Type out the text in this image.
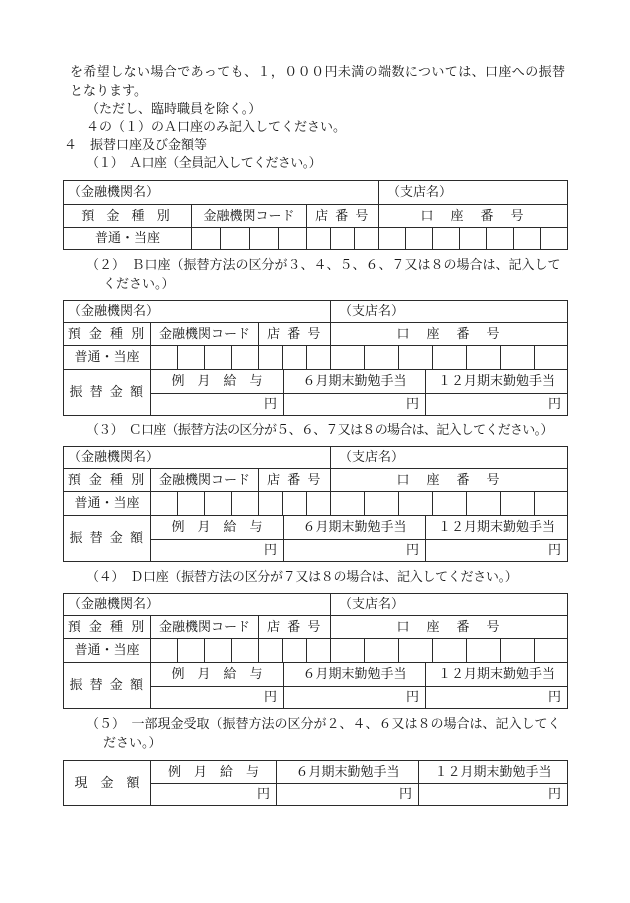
を希望しない場合であっても、１，０００円未満の端数については、口座への振替
となります。
（ただし、臨時職員を除く。）
４の（１）のＡ口座のみ記入してください。
４　振替口座及び金額等
（１）　Ａ口座（全員記入してください。）
（金融機関名）	（支店名）
預 金 種 別	金融機関コード	店 番 号	口　座　番　号
普通・当座
（２）　Ｂ口座（振替方法の区分が３、４、５、６、７又は８の場合は、記入して
ください。）
（金融機関名）	（支店名）
預 金 種 別 金融機関コード	店 番 号	口　座　番　号
普通・当座
振 替 金 額
例　月　給　与	６月期末勤勉手当	１２月期末勤勉手当
円	円	円
（３）　Ｃ口座（振替方法の区分が５、６、７又は８の場合は、記入してください。）
（金融機関名）	（支店名）
預 金 種 別 金融機関コード	店 番 号	口　座　番　号
普通・当座
振 替 金 額
例　月　給　与	６月期末勤勉手当	１２月期末勤勉手当
円	円	円
（４）　Ｄ口座（振替方法の区分が７又は８の場合は、記入してください。）
（金融機関名）	（支店名）
預 金 種 別 金融機関コード	店 番 号	口　座　番　号
普通・当座
振 替 金 額
例　月　給　与	６月期末勤勉手当	１２月期末勤勉手当
円	円	円
（５）　一部現金受取（振替方法の区分が２、４、６又は８の場合は、記入してく
ださい。）
現　金　額
例　月　給　与	６月期末勤勉手当	１２月期末勤勉手当
円	円	円
